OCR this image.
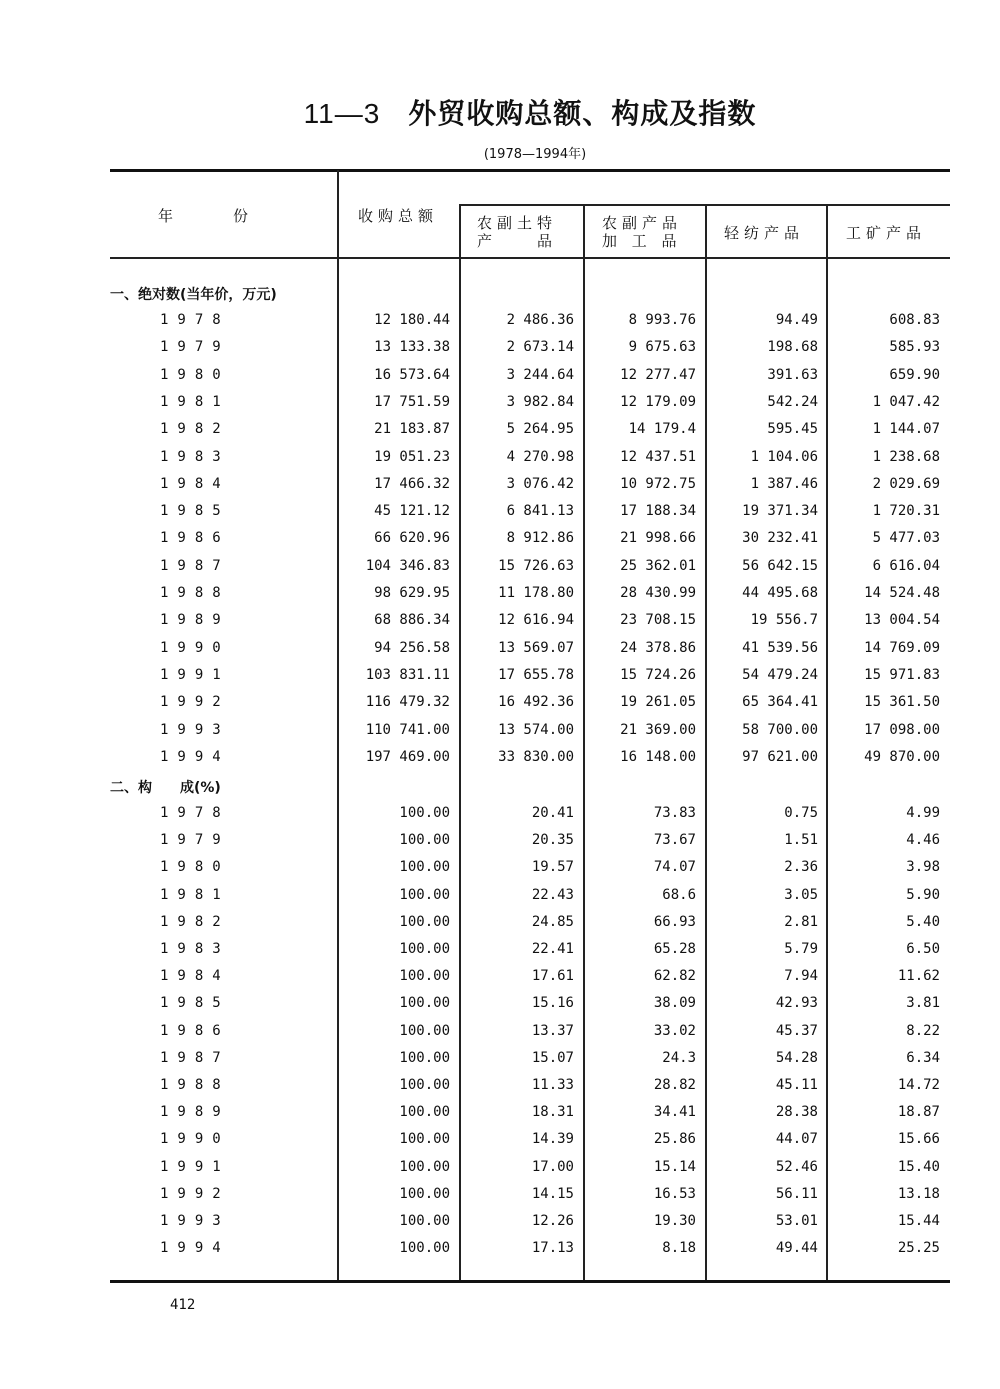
11—3 外贸收购总额、构成及指数
(1978—1994年)
年　　　　份	收购总额	农副土特
产　　品
农副产品
加 工 品	轻纺产品	工矿产品
一、绝对数(当年价，万元)
二、构　　成(%)
1978	12 180.44	2 486.36	8 993.76	94.49	608.83
1979	13 133.38	2 673.14	9 675.63	198.68	585.93
1980	16 573.64	3 244.64	12 277.47	391.63	659.90
1981	17 751.59	3 982.84	12 179.09	542.24	1 047.42
1982	21 183.87	5 264.95	14 179.4	595.45	1 144.07
1983	19 051.23	4 270.98	12 437.51	1 104.06	1 238.68
1984	17 466.32	3 076.42	10 972.75	1 387.46	2 029.69
1985	45 121.12	6 841.13	17 188.34	19 371.34	1 720.31
1986	66 620.96	8 912.86	21 998.66	30 232.41	5 477.03
1987	104 346.83	15 726.63	25 362.01	56 642.15	6 616.04
1988	98 629.95	11 178.80	28 430.99	44 495.68	14 524.48
1989	68 886.34	12 616.94	23 708.15	19 556.7	13 004.54
1990	94 256.58	13 569.07	24 378.86	41 539.56	14 769.09
1991	103 831.11	17 655.78	15 724.26	54 479.24	15 971.83
1992	116 479.32	16 492.36	19 261.05	65 364.41	15 361.50
1993	110 741.00	13 574.00	21 369.00	58 700.00	17 098.00
1994	197 469.00	33 830.00	16 148.00	97 621.00	49 870.00
1978	100.00	20.41	73.83	0.75	4.99
1979	100.00	20.35	73.67	1.51	4.46
1980	100.00	19.57	74.07	2.36	3.98
1981	100.00	22.43	68.6	3.05	5.90
1982	100.00	24.85	66.93	2.81	5.40
1983	100.00	22.41	65.28	5.79	6.50
1984	100.00	17.61	62.82	7.94	11.62
1985	100.00	15.16	38.09	42.93	3.81
1986	100.00	13.37	33.02	45.37	8.22
1987	100.00	15.07	24.3	54.28	6.34
1988	100.00	11.33	28.82	45.11	14.72
1989	100.00	18.31	34.41	28.38	18.87
1990	100.00	14.39	25.86	44.07	15.66
1991	100.00	17.00	15.14	52.46	15.40
1992	100.00	14.15	16.53	56.11	13.18
1993	100.00	12.26	19.30	53.01	15.44
1994	100.00	17.13	8.18	49.44	25.25
412
